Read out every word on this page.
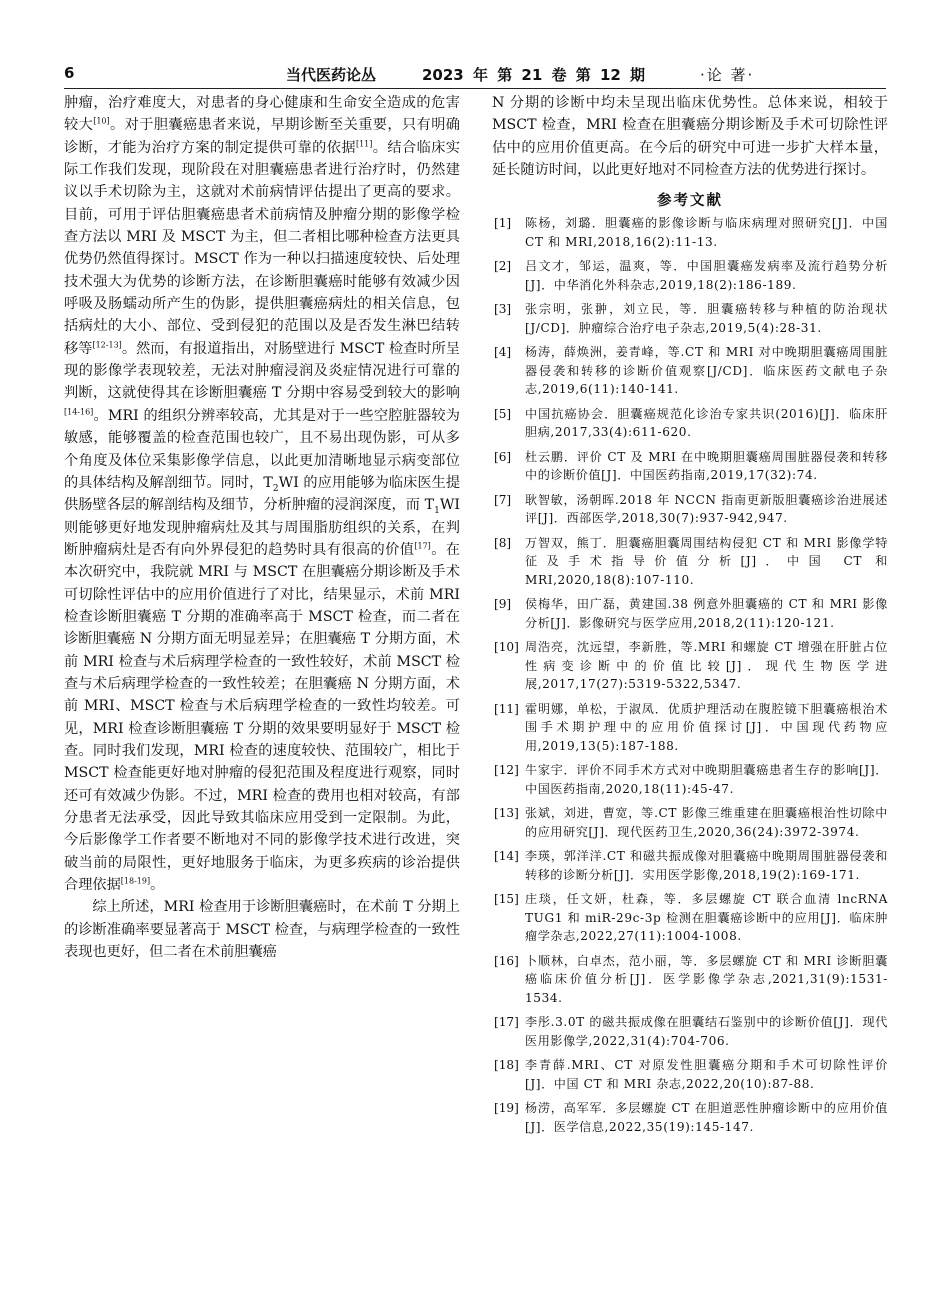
6	当代医药论丛	2023 年 第 21 卷 第 12 期	·论 著·

肿瘤，治疗难度大，对患者的身心健康和生命安全造成的危害较大[10]。对于胆囊癌患者来说，早期诊断至关重要，只有明确诊断，才能为治疗方案的制定提供可靠的依据[11]。结合临床实际工作我们发现，现阶段在对胆囊癌患者进行治疗时，仍然建议以手术切除为主，这就对术前病情评估提出了更高的要求。目前，可用于评估胆囊癌患者术前病情及肿瘤分期的影像学检查方法以 MRI 及 MSCT 为主，但二者相比哪种检查方法更具优势仍然值得探讨。MSCT 作为一种以扫描速度较快、后处理技术强大为优势的诊断方法，在诊断胆囊癌时能够有效减少因呼吸及肠蠕动所产生的伪影，提供胆囊癌病灶的相关信息，包括病灶的大小、部位、受到侵犯的范围以及是否发生淋巴结转移等[12-13]。然而，有报道指出，对肠壁进行 MSCT 检查时所呈现的影像学表现较差，无法对肿瘤浸润及炎症情况进行可靠的判断，这就使得其在诊断胆囊癌 T 分期中容易受到较大的影响[14-16]。MRI 的组织分辨率较高，尤其是对于一些空腔脏器较为敏感，能够覆盖的检查范围也较广，且不易出现伪影，可从多个角度及体位采集影像学信息，以此更加清晰地显示病变部位的具体结构及解剖细节。同时，$T_2WI$ 的应用能够为临床医生提供肠壁各层的解剖结构及细节，分析肿瘤的浸润深度，而 $T_1WI$ 则能够更好地发现肿瘤病灶及其与周围脂肪组织的关系，在判断肿瘤病灶是否有向外界侵犯的趋势时具有很高的价值[17]。在本次研究中，我院就 MRI 与 MSCT 在胆囊癌分期诊断及手术可切除性评估中的应用价值进行了对比，结果显示，术前 MRI 检查诊断胆囊癌 T 分期的准确率高于 MSCT 检查，而二者在诊断胆囊癌 N 分期方面无明显差异；在胆囊癌 T 分期方面，术前 MRI 检查与术后病理学检查的一致性较好，术前 MSCT 检查与术后病理学检查的一致性较差；在胆囊癌 N 分期方面，术前 MRI、MSCT 检查与术后病理学检查的一致性均较差。可见，MRI 检查诊断胆囊癌 T 分期的效果要明显好于 MSCT 检查。同时我们发现，MRI 检查的速度较快、范围较广，相比于 MSCT 检查能更好地对肿瘤的侵犯范围及程度进行观察，同时还可有效减少伪影。不过，MRI 检查的费用也相对较高，有部分患者无法承受，因此导致其临床应用受到一定限制。为此，今后影像学工作者要不断地对不同的影像学技术进行改进，突破当前的局限性，更好地服务于临床，为更多疾病的诊治提供合理依据[18-19]。

综上所述，MRI 检查用于诊断胆囊癌时，在术前 T 分期上的诊断准确率要显著高于 MSCT 检查，与病理学检查的一致性表现也更好，但二者在术前胆囊癌

N 分期的诊断中均未呈现出临床优势性。总体来说，相较于 MSCT 检查，MRI 检查在胆囊癌分期诊断及手术可切除性评估中的应用价值更高。在今后的研究中可进一步扩大样本量，延长随访时间，以此更好地对不同检查方法的优势进行探讨。

参考文献
[1] 陈杨，刘璐．胆囊癌的影像诊断与临床病理对照研究[J]．中国 CT 和 MRI,2018,16(2):11-13.
[2] 吕文才，邹运，温爽，等．中国胆囊癌发病率及流行趋势分析[J]．中华消化外科杂志,2019,18(2):186-189.
[3] 张宗明，张翀，刘立民，等．胆囊癌转移与种植的防治现状[J/CD]．肿瘤综合治疗电子杂志,2019,5(4):28-31.
[4] 杨涛，薛焕洲，姜青峰，等.CT 和 MRI 对中晚期胆囊癌周围脏器侵袭和转移的诊断价值观察[J/CD]．临床医药文献电子杂志,2019,6(11):140-141.
[5] 中国抗癌协会．胆囊癌规范化诊治专家共识(2016)[J]．临床肝胆病,2017,33(4):611-620.
[6] 杜云鹏．评价 CT 及 MRI 在中晚期胆囊癌周围脏器侵袭和转移中的诊断价值[J]．中国医药指南,2019,17(32):74.
[7] 耿智敏，汤朝晖.2018 年 NCCN 指南更新版胆囊癌诊治进展述评[J]．西部医学,2018,30(7):937-942,947.
[8] 万智双，熊丁．胆囊癌胆囊周围结构侵犯 CT 和 MRI 影像学特征及手术指导价值分析[J]．中国 CT 和 MRI,2020,18(8):107-110.
[9] 侯梅华，田广磊，黄建国.38 例意外胆囊癌的 CT 和 MRI 影像分析[J]．影像研究与医学应用,2018,2(11):120-121.
[10] 周浩亮，沈远望，李新胜，等.MRI 和螺旋 CT 增强在肝脏占位性病变诊断中的价值比较[J]．现代生物医学进展,2017,17(27):5319-5322,5347.
[11] 霍明娜，单松，于淑凤．优质护理活动在腹腔镜下胆囊癌根治术围手术期护理中的应用价值探讨[J]．中国现代药物应用,2019,13(5):187-188.
[12] 牛家宇．评价不同手术方式对中晚期胆囊癌患者生存的影响[J]．中国医药指南,2020,18(11):45-47.
[13] 张斌，刘进，曹宽，等.CT 影像三维重建在胆囊癌根治性切除中的应用研究[J]．现代医药卫生,2020,36(24):3972-3974.
[14] 李瑛，郭洋洋.CT 和磁共振成像对胆囊癌中晚期周围脏器侵袭和转移的诊断分析[J]．实用医学影像,2018,19(2):169-171.
[15] 庄琰，任文妍，杜森，等．多层螺旋 CT 联合血清 lncRNA TUG1 和 miR-29c-3p 检测在胆囊癌诊断中的应用[J]．临床肿瘤学杂志,2022,27(11):1004-1008.
[16] 卜顺林，白卓杰，范小丽，等．多层螺旋 CT 和 MRI 诊断胆囊癌临床价值分析[J]．医学影像学杂志,2021,31(9):1531-1534.
[17] 李彤.3.0T 的磁共振成像在胆囊结石鉴别中的诊断价值[J]．现代医用影像学,2022,31(4):704-706.
[18] 李青薛.MRI、CT 对原发性胆囊癌分期和手术可切除性评价[J]．中国 CT 和 MRI 杂志,2022,20(10):87-88.
[19] 杨涝，高军军．多层螺旋 CT 在胆道恶性肿瘤诊断中的应用价值[J]．医学信息,2022,35(19):145-147.
